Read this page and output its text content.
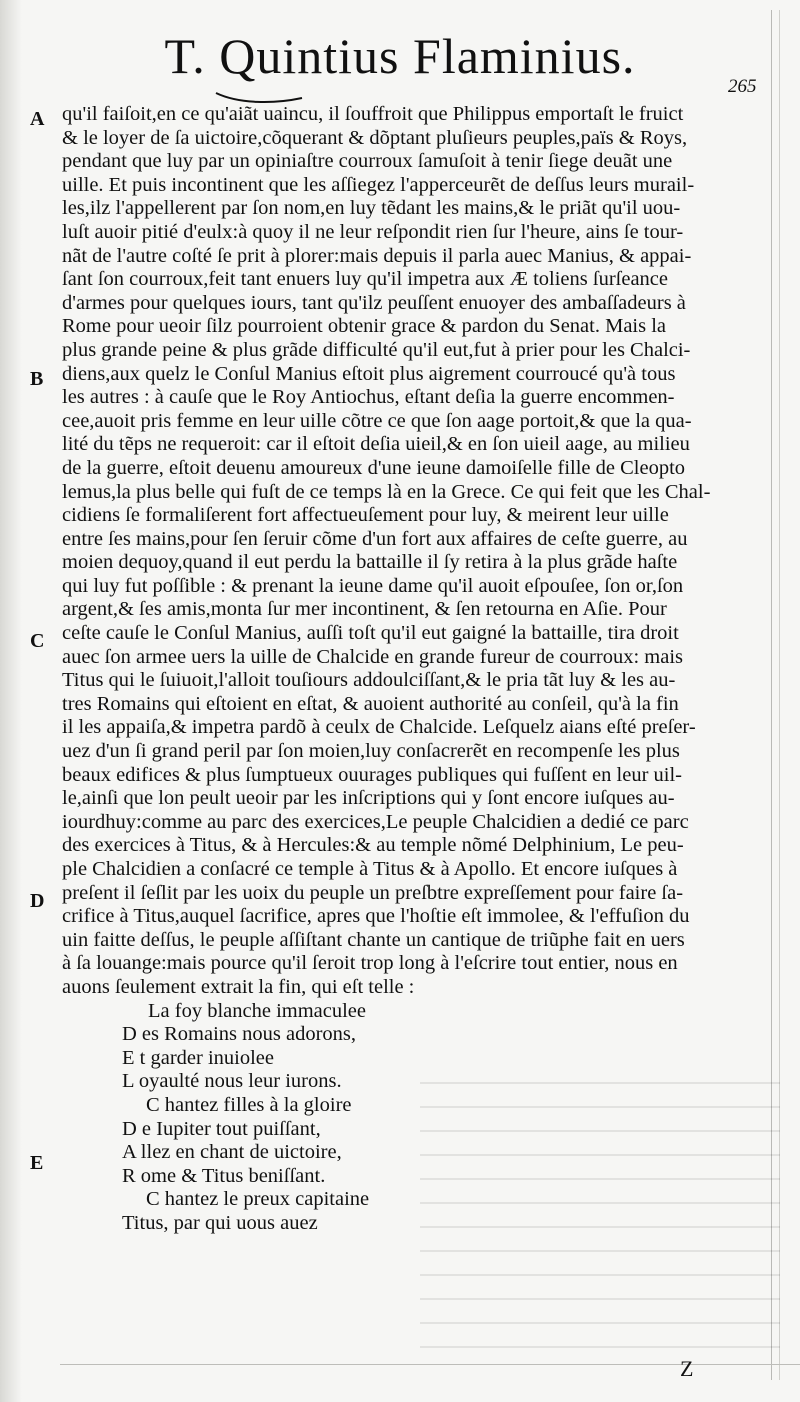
T. Quintius Flaminius.
265
A
B
C
D
E
qu'il faiſoit,en ce qu'aiãt uaincu, il ſouffroit que Philippus emportaſt le fruict
& le loyer de ſa uictoire,cõquerant & dõptant pluſieurs peuples,païs & Roys,
pendant que luy par un opiniaſtre courroux ſamuſoit à tenir ſiege deuãt une
uille. Et puis incontinent que les aſſiegez l'apperceurẽt de deſſus leurs murail-
les,ilz l'appellerent par ſon nom,en luy tẽdant les mains,& le priãt qu'il uou-
luſt auoir pitié d'eulx:à quoy il ne leur reſpondit rien ſur l'heure, ains ſe tour-
nãt de l'autre coſté ſe prit à plorer:mais depuis il parla auec Manius, & appai-
ſant ſon courroux,feit tant enuers luy qu'il impetra aux Æ toliens ſurſeance
d'armes pour quelques iours, tant qu'ilz peuſſent enuoyer des ambaſſadeurs à
Rome pour ueoir ſilz pourroient obtenir grace & pardon du Senat. Mais la
plus grande peine & plus grãde difficulté qu'il eut,fut à prier pour les Chalci-
diens,aux quelz le Conſul Manius eſtoit plus aigrement courroucé qu'à tous
les autres : à cauſe que le Roy Antiochus, eſtant deſia la guerre encommen-
cee,auoit pris femme en leur uille cõtre ce que ſon aage portoit,& que la qua-
lité du tẽps ne requeroit: car il eſtoit deſia uieil,& en ſon uieil aage, au milieu
de la guerre, eſtoit deuenu amoureux d'une ieune damoiſelle fille de Cleopto
lemus,la plus belle qui fuſt de ce temps là en la Grece. Ce qui feit que les Chal-
cidiens ſe formaliſerent fort affectueuſement pour luy, & meirent leur uille
entre ſes mains,pour ſen ſeruir cõme d'un fort aux affaires de ceſte guerre, au
moien dequoy,quand il eut perdu la battaille il ſy retira à la plus grãde haſte
qui luy fut poſſible : & prenant la ieune dame qu'il auoit eſpouſee, ſon or,ſon
argent,& ſes amis,monta ſur mer incontinent, & ſen retourna en Aſie. Pour
ceſte cauſe le Conſul Manius, auſſi toſt qu'il eut gaigné la battaille, tira droit
auec ſon armee uers la uille de Chalcide en grande fureur de courroux: mais
Titus qui le ſuiuoit,l'alloit touſiours addoulciſſant,& le pria tãt luy & les au-
tres Romains qui eſtoient en eſtat, & auoient authorité au conſeil, qu'à la fin
il les appaiſa,& impetra pardõ à ceulx de Chalcide. Leſquelz aians eſté preſer-
uez d'un ſi grand peril par ſon moien,luy conſacrerẽt en recompenſe les plus
beaux edifices & plus ſumptueux ouurages publiques qui fuſſent en leur uil-
le,ainſi que lon peult ueoir par les inſcriptions qui y ſont encore iuſques au-
iourdhuy:comme au parc des exercices,Le peuple Chalcidien a dedié ce parc
des exercices à Titus, & à Hercules:& au temple nõmé Delphinium, Le peu-
ple Chalcidien a conſacré ce temple à Titus & à Apollo. Et encore iuſques à
preſent il ſeſlit par les uoix du peuple un preſbtre expreſſement pour faire ſa-
crifice à Titus,auquel ſacrifice, apres que l'hoſtie eſt immolee, & l'effuſion du
uin faitte deſſus, le peuple aſſiſtant chante un cantique de triũphe fait en uers
à ſa louange:mais pource qu'il ſeroit trop long à l'eſcrire tout entier, nous en
auons ſeulement extrait la fin, qui eſt telle :
La foy blanche immaculee
D es Romains nous adorons,
E t garder inuiolee
L oyaulté nous leur iurons.
C hantez filles à la gloire
D e Iupiter tout puiſſant,
A llez en chant de uictoire,
R ome & Titus beniſſant.
C hantez le preux capitaine
Titus, par qui uous auez
Z
